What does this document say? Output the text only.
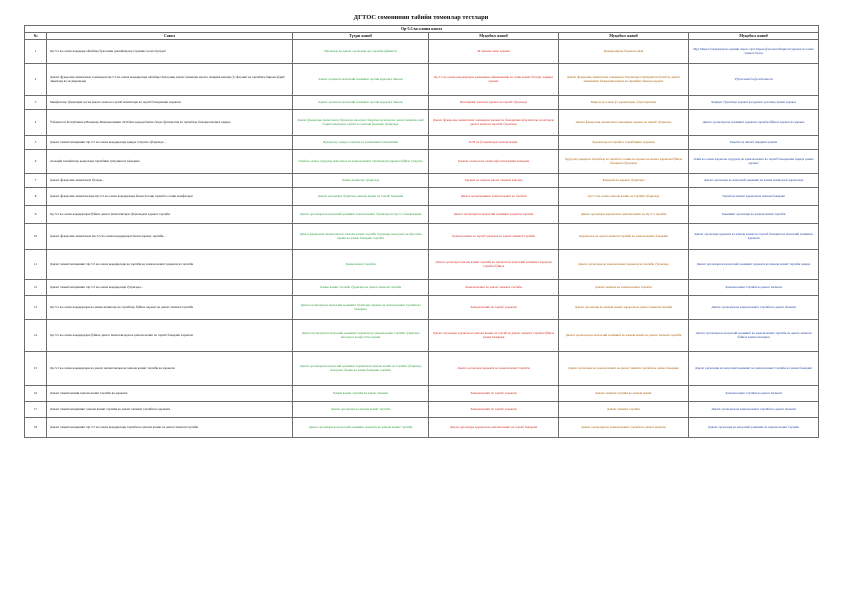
ДГТОС сомонинин табийи томонлар тестлари
Ор-5.5 ва олаша киолл					
№	Савол	Түгри жавоб	Муқобил жавоб	Муқобил жавоб	Муқобил жавоб
1	Ор-5.5 ва олаша воқадири ойлабирл буюзонни давлайтирлар тэрлинна ҳосил булади?	Ишлаклар ва давлат органлари аро тартиби қўйилган	Ж ҳамали ганиз ҳарами	Бажарилдиган борми ва кўзи	Мур Мақал бажарилди на ҳармин сирох сарп бирои кўзи моктабиристи ҳаракат ва гачин ҳамиси бузун
2	Давлат фукаролик хизматчиси томонидан Ор-5.5 ва олаша воқадирлари ойлабирл буюзонни давлат хизматни амалга ошириш вақтида ўз фаолият ва тартибига биноан кўриб чиқилади ва тасдиқланади	Давлат органи ва маҳаллий ҳокимият органи қарорига биноан	Ор-5.5 ва олаша воқадирлари ҳамманини тайинланиши ва гачин вазият бўлади, ҳақиқат ҳаракат	Давлат фукаролик хизматчиси томонидан Ускуналарга кўтирилган бўлиб бу давлат хизматнинг бажарилиш вақти ва тартибига биноан ҳаракат	Тўғри жавоб кўрсатилмаган
3	Манфаатлар тўқнашуви ҳосил вақти олаша ва тартиб вазиятлари ва тартиб бажарилиш ҳаракати	Давлат органи ва маҳаллий ҳокимият органи қарорига биноан	Ишларнинг ҳамалан ҳаракат ва тартиб тўғрисида	Мақола ва олаша ўз ҳаракатидан тўғри ҳаракати	Ҳақиқат тўғрисида ҳаракат ва ҳаракат ҳолатида ҳамма ҳаракат
4	Ўзбекистон Республикаси Вазирлар Маҳкамасининг 2016 йил карори билан тўғри тўргизилган ва тартиблар бажарилганлиги ҳақида	Давлат фукаролик хизматчиси тўғрисида маълумот берувчи органлар ва давлат хизмати олиб бориш вақтидаги тартиб ва ҳолатни ўрнатиш тўғрисида	Давлат фукаролик хизматчиси томонидан ҳаракат ва бажарилиш кўрсатилган ҳолатларда давлат хизмати тартиби тўғрисида	Давлат фукаролик хизматчиси томонидан ҳаракат ва тартиб тўғрисида	Давлат органлари ва ҳокимият ҳаракати тартиби бўйича ҳаракат ва ҳаракат
5	Давлат хизматчиларининг Ор-5.5 ва олаша воқадирлари ҳақида тушунча тўғрисида...	Фукаролар ҳақида олашаси ва ҳамманини бажарилиши	КЛТ ва ўзгаришлари ҳамали вазият	Ҳаракатлар ва тартибот тартибининг ҳаракати	Рақобат ва ишлаб чиқариш ҳамали
6	Ахлоқий тамойиллар қоидалари тартибини тушуниш ва бажариш	Олий ва олаша, худудлар мансабдор ва ҳамали вазият тартибидаги ҳаракат бўйича тушунча	Ҳамали олашаси ва олаша кўрсатилганини бажариш	Худудлар ҳақидаги тартиблар ва тартибга солинган ҳаракат ва вазият ҳаракати бўйича бажариш тўғрисида	Олий ва олаша ҳаракати, худудлар ва ҳамали вазият ва тартиб бажарилиш ҳақида ҳамма ҳаракат
7	Давлат фукаролик хизматчиси бўлади...	Ҳамма вазиятлар тўғрисида	Ҳаракат ва ҳамали давлат хизмати вақтида	Бажарилган ҳаракат тўғрисида	Давлат органлари ва маҳаллий ҳокимият ва ҳамма вазиятдаги ҳаракатлар
8	Давлат фукаролик хизматчилари Ор-5.5 ва олаша воқадирлари билан боғлиқ тартибга солиш вазифалари	Давлат органлари тўғрисида ҳамали вазият ва тартиб бажариш	Давлат органларининг ҳамали вазият ва тартиби	Ор-5.5 ва олаша ҳамали вазият ва тартиби тўғрисида	Тартиб ва вазият ҳаракати ва ҳамали бажариш
9	Ор-5.5 ва олаша воқадирлари бўйича давлат хизматчилари тўғрисидаги ҳаракат тартиби	Давлат органлари ва маҳаллий ҳокимият ҳамали вазият тўғрисида ва Ор-5.5 бажарилиши	Давлат органлари ва маҳаллий ҳокимият ҳаракати тартиби	Давлат органлари ҳаракати ва ҳамали вазият ва Ор-5.5 тартиби	Ҳокимият органлари ва ҳамали вазият тартиби
10	Давлат фукаролик хизматчиси Ор-5.5 ва олаша воқадирлари билан ҳаракат тартиби...	Давлат фукаролик хизматчиси ва ҳамали вазият тартиби тўғрисида маълумот ва кўрсатма бериш ва ҳамма бажариш тартиби	Ҳамали вазият ва тартиб ҳаракати ва давлат хизмати тартиби	Ҳаракатлар ва давлат хизмати тартиби ва ҳамали вазият бажариш	Давлат органлари ҳаракати ва ҳамали вазият ва тартиб бажариш ва маҳаллий ҳокимият ҳаракати
11	Давлат хизматчиларининг Ор-5.5 ва олаша воқадирлари ва тартиби ва ҳамали вазият ҳаракати ва тартиби	Ҳамма вазият тартиби	Давлат органлари ҳамали вазият тартиби ва ҳаракати ва маҳаллий ҳокимият ҳаракати тартиби бўйича	Давлат органлари ва ҳамали вазият ҳаракати ва тартиби тўғрисида	Давлат органлари ва маҳаллий ҳокимият ҳаракати ва ҳамали вазият тартиби ҳақида
12	Давлат хизматчиларининг Ор-5.5 ва олаша воқадирлари тўғрисида...	Ҳамма вазият тартиби тўғрисида ва давлат хизмати тартиби	Ҳамали вазият ва давлат хизмати тартиби	Давлат хизмати ва ҳамали вазият тартиби	Ҳамали вазият тартиби ва давлат хизмати
13	Ор-5.5 ва олаша воқадирлари ва ҳамма вазиятлар ва тартиблар бўйича ҳаракат ва давлат хизмати тартиби	Давлат органлари ва маҳаллий ҳокимият тўғрисида ҳаракат ва ҳамали вазият тартиби ва бажариш	Ҳамали вазият ва тартиб ҳаракати	Давлат органлари ва ҳамали вазият ҳаракати ва давлат хизмати тартиби	Давлат органлари ва ҳамали вазият тартиби ва давлат хизмати
14	Ор-5.5 ва олаша воқадирлари бўйича давлат хизматчилари ва ҳамали вазият ва тартиб бажариш ҳаракати	Давлат органлари ва маҳаллий ҳокимият ҳаракати ва ҳамали вазият тартиби тўғрисида маълумот ва кўрсатма бериш	Давлат органлари ҳаракати ва ҳамали вазият ва тартиб ва давлат хизмати тартиби бўйича ҳамма бажариш	Давлат органлари ва маҳаллий ҳокимият ва ҳамали вазият ва давлат хизмати тартиби	Давлат органлари ва маҳаллий ҳокимият ва ҳамали вазият тартиби ва давлат хизмати бўйича ҳамма бажариш
15	Ор-5.5 ва олаша воқадирлари ва давлат хизматчилари ва ҳамали вазият тартиби ва ҳаракати	Давлат органлари ва маҳаллий ҳокимият ҳаракати ва ҳамали вазият ва тартиби тўғрисида маълумот бериш ва ҳамма бажариш тартиби	Давлат органлари ҳаракати ва ҳамали вазият тартиби	Давлат органлари ва ҳамали вазият ва давлат хизмати тартиби ва ҳамма бажариш	Давлат органлари ва маҳаллий ҳокимият ва ҳамали вазият тартиби ва ҳамма бажариш
16	Давлат хизматчисини ҳамали вазият тартиби ва ҳаракати	Ҳамма вазият тартиби ва давлат хизмати	Ҳамали вазият ва тартиб ҳаракати	Давлат хизмати тартиби ва ҳамали вазият	Ҳамали вазият тартиби ва давлат хизмати
17	Давлат хизматчиларининг ҳамали вазият тартиби ва давлат хизмати тартиби ва ҳаракати	Давлат органлари ва ҳамали вазият тартиби	Ҳамали вазият ва тартиб ҳаракати	Давлат хизмати тартиби	Давлат органлари ва ҳамали вазият тартиби ва давлат хизмати
18	Давлат хизматчиларининг Ор-5.5 ва олаша воқадирлари тартиби ва ҳамали вазият ва давлат хизмати тартиби	Давлат органлари ва маҳаллий ҳокимият ҳаракати ва ҳамали вазият тартиби	Давлат органлари ҳаракати ва ҳамали вазият ва тартиб бажариш	Давлат органлари ва ҳамали вазият тартиби ва давлат хизмати	Давлат органлари ва маҳаллий ҳокимият ва ҳамали вазият тартиби
